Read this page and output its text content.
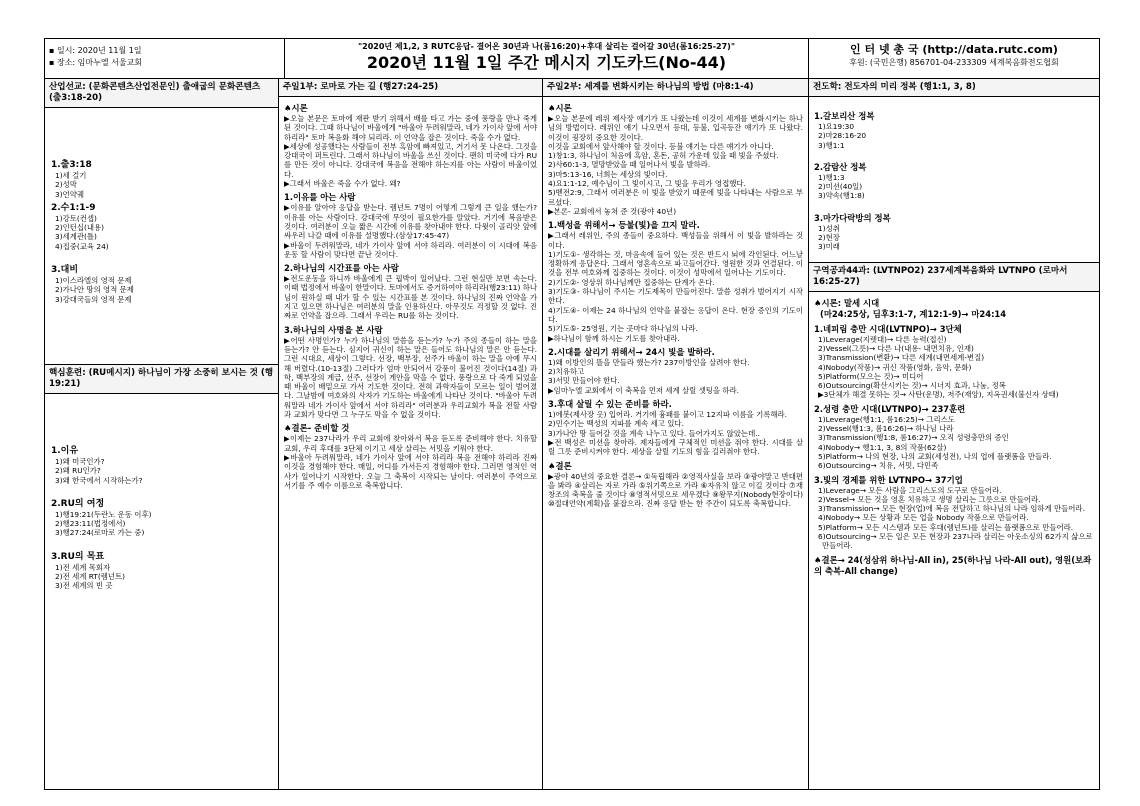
▪ 일시: 2020년 11월 1일
▪ 장소: 임마누엘 서울교회
"2020년 제1,2, 3 RUTC응답- 결어온 30년과 나(롬16:20)+후대 살리는 걸어갈 30년(롬16:25-27)"
2020년 11월 1일 주간 메시지 기도카드(No-44)
인 터 넷 총 국 (http://data.rutc.com)
후원: (국민은행) 856701-04-233309 세계복음화전도협회
산업선교: (문화콘텐츠산업전문인) 출애굽의 문화콘텐츠 (출3:18-20)
1.출3:18
1)세 걸기
2)성막
3)언약궤
2.수1:1-9
1)강토(컨셉)
2)인턴십(내용)
3)세계관(틀)
4)집중(교육 24)
3.대비
1)이스라엘의 영적 문제
2)가나안 땅의 영적 문제
3)강대국들의 영적 문제
핵심훈련: (RU메시지) 하나님이 가장 소중히 보시는 것 (행19:21)
1.이유
1)왜 미국인가?
2)왜 RU인가?
3)왜 한국에서 시작하는가?
2.RU의 여정
1)행19:21(두란노 운동 이후)
2)행23:11(법정에서)
3)행27:24(로마로 가는 중)
3.RU의 목표
1)전 세계 목회자
2)전 세계 RT(렘넌트)
3)전 세계의 빈 곳
주일1부: 로마로 가는 길 (행27:24-25)
♠시론
▶오늘 본문은 토마에 재판 받기 위해서 배를 타고 가는 중에 풍랑을 만나 죽게 된 것이다. 그때 하나님이 바울에게 "바울아 두려워말라, 네가 가이사 앞에 서야 하리라" 토마 복음화 해야 되리라. 이 언약을 잡은 것이다. 죽을 수가 없다.
▶세상에 성공했다는 사람들이 전부 흑암에 빠져있고, 거기서 못 나온다. 그것을 강대국이 퍼트린다. 그래서 하나님이 바울을 쓰신 것이다. 팬히 미국에 다가 RU를 만든 것이 아니다. 강대국에 복음을 전해야 하는지를 아는 사람이 바울이었다.
▶그래서 바울은 죽을 수가 없다. 왜?
1.이유를 아는 사람
▶이유를 알아야 응답을 받는다. 렘넌트 7명이 어떻게 그렇게 큰 일을 했는가? 이유를 아는 사람이다. 강대국에 무엇이 필요한가를 알았다. 거기에 복음받은 것이다. 여러분이 오늘 짧은 시간에 이유를 찾아내야 한다. 다윗이 골리앗 앞에 싸우러 나갈 때에 이유를 설명했다.(삼상17:45-47)
▶바울이 두려워말라, 네가 가이사 앞에 서야 하리라. 여러분이 이 시대에 복음 운동 할 사람이 맞다면 끝난 것이다.
2.하나님의 시간표를 아는 사람
▶전도운동을 하니까 바울에게 큰 핍박이 일어났다. 그런 현실만 보면 속는다. 이때 법정에서 바울이 한말이다. 토마에서도 증거하여야 하리라(행23:11) 하나님이 원하실 때 내가 할 수 있는 시간표를 본 것이다. 하나님의 진짜 언약을 가지고 있으면 하나님은 여러분의 말을 인용하신다. 아무것도 걱정할 것 없다. 진짜로 언약을 잡으라. 그래서 우리는 RU를 하는 것이다.
3.하나님의 사명을 본 사람
▶어떤 사명인가? 누가 하나님의 말씀을 듣는가? 누가 주의 종들이 하는 말을 듣는가? 안 듣는다. 심지어 귀신이 하는 말은 들어도 하나님의 말은 안 듣는다. 그런 시대요, 세상이 그렇다. 선장, 백부장, 선주가 바울이 하는 말을 아예 무시해 버렸다.(10-13절) 그러다가 엄마 안되어서 강풍이 불어진 것이다(14절) 과학, 백부장의 계급, 선주, 선장이 게안을 막을 수 없다. 풍랑으로 다 죽게 되었을 때 바울이 배밑으로 가서 기도한 것이다. 전혀 과학자들이 모르는 일이 벌어졌다. 그날밤에 여호와의 사자가 기도하는 바울에게 나타난 것이다. "바울아 두려워말라 네가 가이사 앞에서 서야 하리라" 여러분과 우리교회가 복을 전할 사람과 교회가 맞다면 그 누구도 막을 수 없을 것이다.
♠결론- 준비할 것
▶이제는 237나라가 우리 교회에 찾아와서 복음 듣도록 준비해야 한다. 치유할 교회, 우리 후대를 3단체 이기고 세상 살리는 서밋을 키워야 한다.
▶바울아 두려워말라, 네가 가이사 앞에 서야 하리라 복음 전해야 하리라 진짜 이것을 경험해야 한다. 매일, 어디를 가서든지 경험해야 한다. 그러면 영적인 역사가 일어나기 시작한다. 오늘 그 축복이 시작되는 날이다. 여러분이 주역으로 서기를 주 예수 이름으로 축복합니다.
주일2부: 세계를 변화시키는 하나님의 방법 (마8:1-4)
♠시론
▶오늘 본문에 레위 제사장 얘기가 또 나왔는데 이것이 세계를 변화시키는 하나님의 방법이다. 레위인 얘기 나오면서 등대, 등불, 입곡등잔 얘기가 또 나왔다. 이것이 굉장히 중요한 것이다.
이것을 교회에서 앞사해야 할 것이다. 등불 얘기는 다른 얘기가 아니다.
1)창1:3, 하나님이 처음에 흑암, 혼돈, 공허 가운데 있을 때 빛을 주셨다.
2)사60:1-3, 멸망받았을 때 일어나서 빛을 발하라.
3)마5:13-16, 너희는 세상의 빛이다.
4)요1:1-12, 예수님이 그 빛이시고, 그 빛을 우리가 영접했다.
5)벧전2:9, 그래서 여러분은 이 빛을 받았기 때문에 빛을 나타내는 사람으로 부르셨다.
▶본론- 교회에서 놓쳐 준 것(광야 40년)
1.백성을 위해서→ 등불(빛)을 끄지 말라.
▶그래서 레위인, 주의 종들이 중요하다. 백성들을 위해서 이 빛을 발하라는 것이다.
1)기도①- 생각하는 것, 마음속에 들어 있는 것은 반드시 뇌에 각인된다. 어느날 정확하게 응답온다. 그래서 영혼속으로 파고들어간다. 영원한 것과 연결된다. 이것을 전부 여호와께 집중하는 것이다. 이것이 성막에서 일어나는 기도이다.
2)기도②- 영상위 하나님께만 집중하는 단계가 온다.
3)기도③- 하나님이 주시는 기도제목이 만들어진다. 말씀 성취가 벌어지기 시작한다.
4)기도④- 이제는 24 하나님의 언약을 붙잡는 응답이 온다. 현장 증인의 기도이다.
5)기도⑤- 25영원, 기는 곳마다 하나님의 나라.
▶하나님이 함께 하시는 기도를 찾아내라.
2.시대를 살리기 위해서→ 24시 빛을 발하라.
1)왜 이방인의 뜰을 만들라 했는가? 237이방인을 살려야 한다.
2)치유하고
3)서밋 만들어야 한다.
▶임마누엘 교회에서 이 축복을 먼저 세계 살릴 셋팅을 하라.
3.후대 살릴 수 있는 준비를 하라.
1)에봇(제사장 옷) 입어라. 거기에 흉패를 붙이고 12지파 이름을 기록해라.
2)민수기는 백성의 지파를 계속 세고 있다.
3)가나안 땅 들어갈 것을 계속 나누고 있다. 들어가지도 않았는데..
▶전 백성은 미션을 찾아라. 제자들에게 구체적인 미션을 줘야 한다. 시대를 살릴 그릇 준비시켜야 한다. 세상을 살릴 기도의 힘을 길러줘야 한다.
♠결론
▶광야 40년의 중요한 결론→ ①독립해라 ②영적사실을 보라 ③광야말고 반대편을 봐라 ④살리는 자로 가라 ⑤위기쪽으로 가라 ⑥자유치 않고 이길 것이다 ⑦재창조의 축복을 줄 것이다 ⑧영적서밋으로 세우겠다 ⑨왕무지(Nobody현장이다) ⑩절대언약(계획)을 붙잡으라. 진짜 응답 받는 한 주간이 되도록 축복합니다.
전도학: 전도자의 미리 정복 (행1:1, 3, 8)
1.갈보리산 정복
1)요19:30
2)마28:16-20
3)행1:1
2.감람산 정복
1)행1:3
2)미션(40일)
3)약속(행1:8)
3.마가다락방의 정복
1)성취
2)현장
3)미래
구역공과44과: (LVTNPO2) 237세계복음화와 LVTNPO (로마서16:25-27)
♠시론: 말세 시대
(마24:25상, 딤후3:1-7, 계12:1-9)→ 마24:14
1.네피림 충만 시대(LVTNPO)→ 3단체
1)Leverage(지렛대)→ 다른 능력(접신)
2)Vessel(그릇)→ 다른 나(내용- 내면치유, 인재)
3)Transmission(변환)→ 다른 세계(내면세계-변질)
4)Nobody(작품)→ 귀신 작품(영화, 음악, 문화)
5)Platform(모으는 것)→ 미디어
6)Outsourcing(확산시키는 것)→ 시너지 효과, 나눔, 정복
▶3단체가 해결 못하는 것→ 사탄(운명), 저주(재앙), 지옥권세(불신자 상태)
2.성령 충만 시대(LVTNPO)→ 237훈련
1)Leverage(행1:1, 롬16:25)→ 그리스도
2)Vessel(행1:3, 롬16:26)→ 하나님 나라
3)Transmission(행1:8, 롬16:27)→ 오직 성령충만의 증인
4)Nobody→ 행1:1, 3, 8의 작품(62살)
5)Platform→ 나의 현장, 나의 교회(세성전), 나의 업에 플랫폼을 만들라.
6)Outsourcing→ 치유, 서밋, 다민족
3.빛의 경제를 위한 LVTNPO→ 37기업
1)Leverage→ 모든 사람을 그리스도의 도구로 만들어라.
2)Vessel→ 모든 것을 영혼 치유하고 생명 살리는 그릇으로 만들어라.
3)Transmission→ 모든 현장(업)에 복음 전달하고 하나님의 나라 임하게 만들어라.
4)Nobody→ 모든 상황과 모든 업을 Nobody 작품으로 만들어라.
5)Platform→ 모든 시스템과 모든 후대(렘넌트)를 살리는 플랫폼으로 만들어라.
6)Outsourcing→ 모든 일은 모든 현장과 237나라 살리는 아웃소싱의 62가지 삶으로 만들어라.
♠결론→ 24(성삼위 하나님-All in), 25(하나님 나라-All out), 영원(보좌의 축복-All change)
